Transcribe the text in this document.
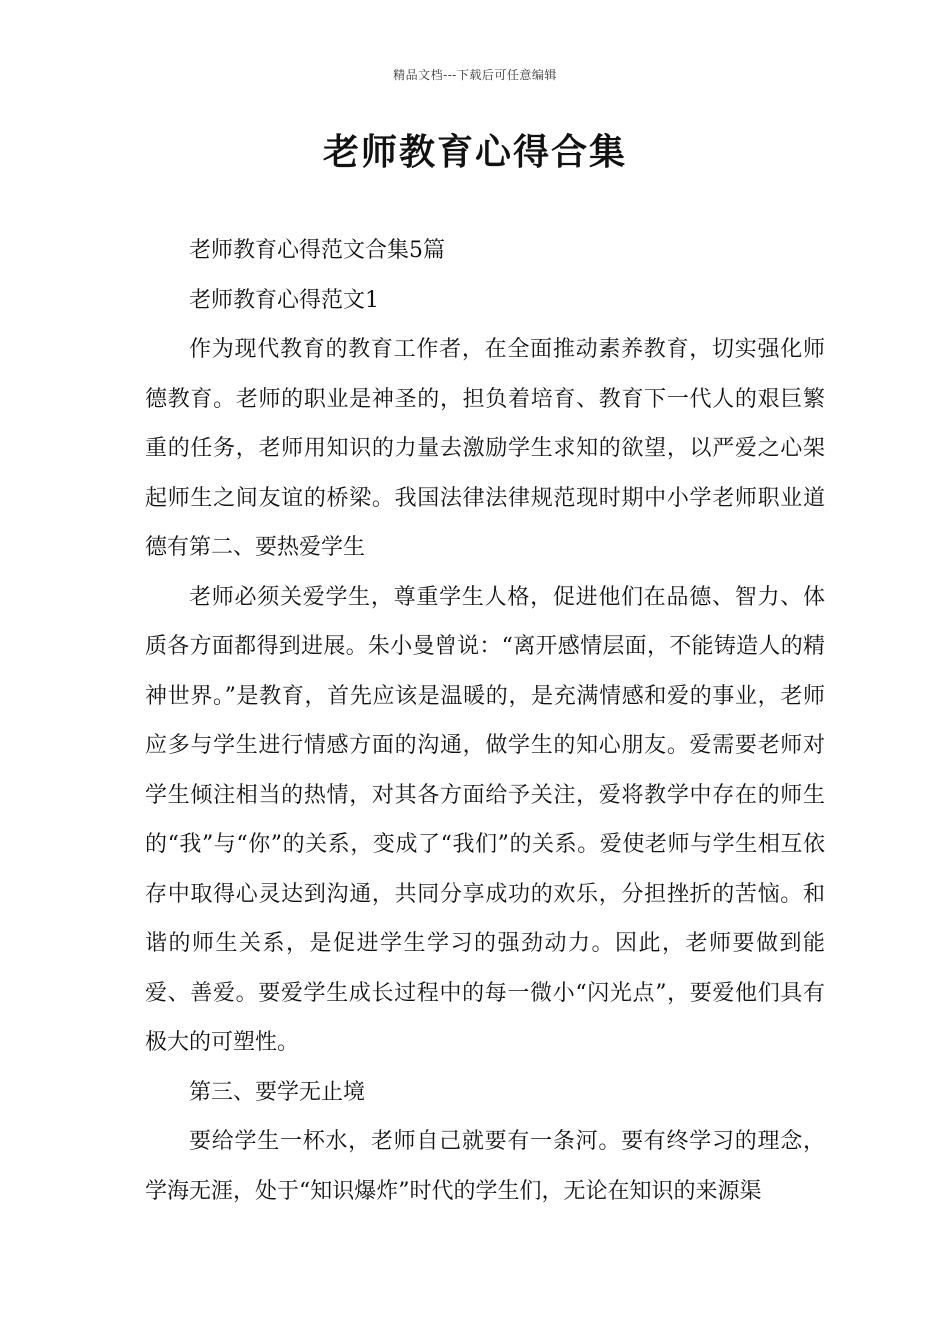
精品文档---下载后可任意编辑
老师教育心得合集

老师教育心得范文合集5篇

老师教育心得范文1

作为现代教育的教育工作者，在全面推动素养教育，切实强化师德教育。老师的职业是神圣的，担负着培育、教育下一代人的艰巨繁重的任务，老师用知识的力量去激励学生求知的欲望，以严爱之心架起师生之间友谊的桥梁。我国法律法律规范现时期中小学老师职业道德有第二、要热爱学生

老师必须关爱学生，尊重学生人格，促进他们在品德、智力、体质各方面都得到进展。朱小曼曾说：“离开感情层面，不能铸造人的精神世界。”是教育，首先应该是温暖的，是充满情感和爱的事业，老师应多与学生进行情感方面的沟通，做学生的知心朋友。爱需要老师对学生倾注相当的热情，对其各方面给予关注，爱将教学中存在的师生的“我”与“你”的关系，变成了“我们”的关系。爱使老师与学生相互依存中取得心灵达到沟通，共同分享成功的欢乐，分担挫折的苦恼。和谐的师生关系，是促进学生学习的强劲动力。因此，老师要做到能爱、善爱。要爱学生成长过程中的每一微小“闪光点”，要爱他们具有极大的可塑性。

第三、要学无止境

要给学生一杯水，老师自己就要有一条河。要有终学习的理念，学海无涯，处于“知识爆炸”时代的学生们，无论在知识的来源渠
